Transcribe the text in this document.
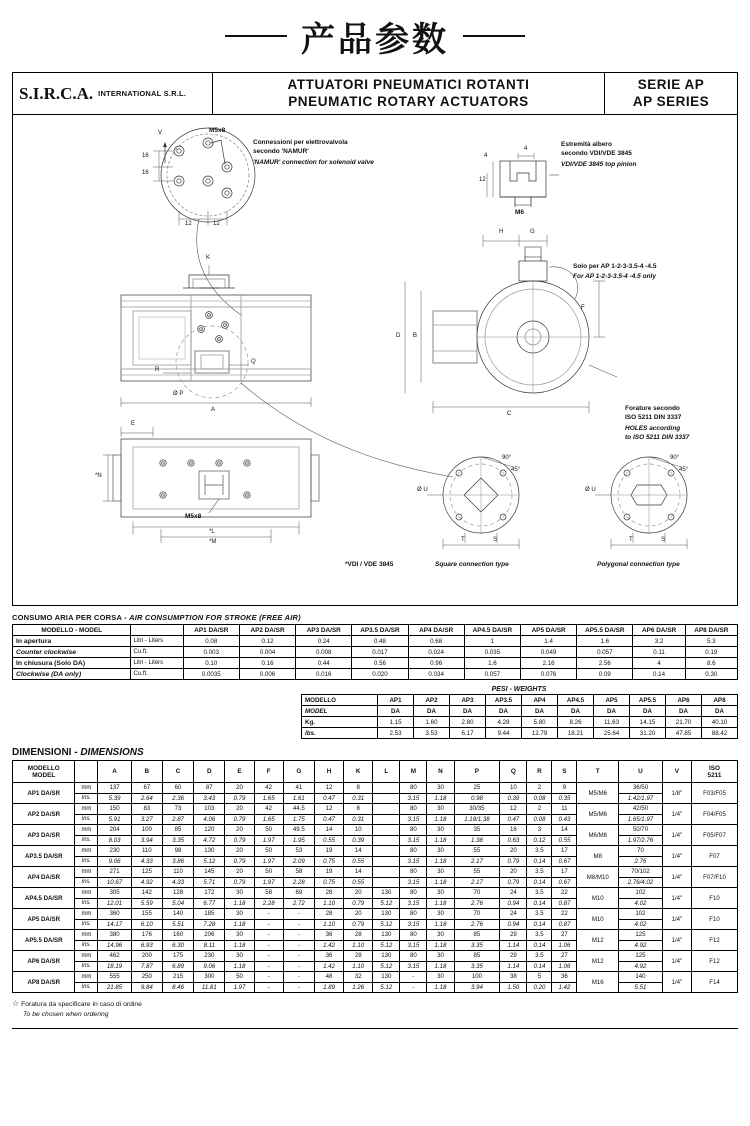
产品参数
S.I.R.C.A. INTERNATIONAL S.R.L.
ATTUATORI PNEUMATICI ROTANTI
PNEUMATIC ROTARY ACTUATORS
SERIE AP
AP SERIES
M5x8
Connessioni per elettrovalvola
secondo 'NAMUR'
'NAMUR' connection for solenoid valve
V
16
16
12	12
4
4
12
M6
Estremità albero
secondo VDI/VDE 3845
VDI/VDE 3845 top pinion
K
H	G
F
D B
C
R
Q
A
Ø P
*N
*L
*M
E
M5x8
Solo per AP 1-2-3-3.5-4 -4.5
For AP 1-2-3-3.5-4 -4.5 only
Forature secondo
ISO 5211 DIN 3337
HOLES according
to ISO 5211 DIN 3337
90°
45°
90°
45°
Ø U	Ø U
T	T
S	S
*VDI / VDE 3845	Square connection type	Polygonal connection type
CONSUMO ARIA PER CORSA - AIR CONSUMPTION FOR STROKE (FREE AIR)
MODELLO - MODEL		AP1 DA/SR	AP2 DA/SR	AP3 DA/SR	AP3.5 DA/SR	AP4 DA/SR	AP4.5 DA/SR	AP5 DA/SR	AP5.5 DA/SR	AP6 DA/SR	AP8 DA/SR
In apertura	Litri - Liters	0.08	0.12	0.24	0.48	0.68	1	1.4	1.6	3.2	5.3
Counter clockwise	Cu.ft.	0.003	0.004	0.008	0.017	0.024	0.035	0.049	0.057	0.11	0.19
In chiusura (Solo DA)	Litri - Liters	0.10	0.16	0.44	0.56	0.96	1.6	2.16	2.56	4	8.6
Clockwise (DA only)	Cu.ft.	0.0035	0.006	0.016	0.020	0.034	0.057	0.076	0.09	0.14	0.30
PESI - WEIGHTS
MODELLO	AP1	AP2	AP3	AP3.5	AP4	AP4.5	AP5	AP5.5	AP6	AP8
MODEL	DA	DA	DA	DA	DA	DA	DA	DA	DA	DA
Kg.	1.15	1.60	2.80	4.28	5.80	8.26	11.63	14.15	21.70	40.10
lbs.	2.53	3.53	6.17	9.44	12.79	18.21	25.64	31.20	47.85	88.42
DIMENSIONI - DIMENSIONS
MODELLO
MODEL		A	B	C	D	E	F	G	H	K	L	M	N	P	Q	R	S	T	U	V	ISO
5211

AP1 DA/SR	mm	137	67	60	87	20	42	41	12	8		80	30	25	10	2	9	M5/M6	36/50	1/8"	F03/F05
	ins.	5.39	2.64	2.36	3.43	0.79	1.65	1.61	0.47	0.31		3.15	1.18	0.98	0.39	0.08	0.35		1.42/1.97		
AP2 DA/SR	mm	150	83	73	103	20	42	44.5	12	8		80	30	30/35	12	2	11	M5/M6	42/50	1/4"	F04/F05
	ins.	5.91	3.27	2.87	4.06	0.79	1.65	1.75	0.47	0.31		3.15	1.18	1.18/1.38	0.47	0.08	0.43		1.65/1.97		
AP3 DA/SR	mm	204	100	85	120	20	50	49.5	14	10		80	30	35	16	3	14	M6/M8	50/70	1/4"	F05/F07
	ins.	8.03	3.94	3.35	4.72	0.79	1.97	1.95	0.55	0.39		3.15	1.18	1.38	0.63	0.12	0.55		1.97/2.76		
AP3.5 DA/SR	mm	230	110	98	130	20	50	53	19	14		80	30	55	20	3.5	17	M8	70	1/4"	F07
	ins.	9.06	4.33	3.86	5.12	0.79	1.97	2.09	0.75	0.55		3.15	1.18	2.17	0.79	0.14	0.67		2.76		
AP4 DA/SR	mm	271	125	110	145	20	50	58	19	14		80	30	55	20	3.5	17	M8/M10	70/102	1/4"	F07/F10
	ins.	10.67	4.92	4.33	5.71	0.79	1.97	2.28	0.75	0.55		3.15	1.18	2.17	0.79	0.14	0.67		2.76/4.02		
AP4.5 DA/SR	mm	305	142	128	172	30	58	69	28	20	130	80	30	70	24	3.5	22	M10	102	1/4"	F10
	ins.	12.01	5.59	5.04	6.77	1.18	2.28	2.72	1.10	0.79	5.12	3.15	1.18	2.76	0.94	0.14	0.87		4.02		
AP5 DA/SR	mm	360	155	140	185	30	-	-	28	20	130	80	30	70	24	3.5	22	M10	102	1/4"	F10
	ins.	14.17	6.10	5.51	7.28	1.18	-	-	1.10	0.79	5.12	3.15	1.18	2.76	0.94	0.14	0.87		4.02		
AP5.5 DA/SR	mm	380	176	160	206	30	-	-	36	28	130	80	30	85	29	3.5	27	M12	125	1/4"	F12
	ins.	14.96	6.93	6.30	8.11	1.18	-	-	1.42	1.10	5.12	3.15	1.18	3.35	1.14	0.14	1.06		4.92		
AP6 DA/SR	mm	462	200	175	230	30	-	-	36	28	130	80	30	85	29	3.5	27	M12	125	1/4"	F12
	ins.	18.19	7.87	6.89	9.06	1.18	-	-	1.42	1.10	5.12	3.15	1.18	3.35	1.14	0.14	1.06		4.92		
AP8 DA/SR	mm	555	250	215	300	50	-	-	48	32	130	-	30	100	38	5	36	M16	140	1/4"	F14
	ins.	21.85	9.84	8.46	11.81	1.97	-	-	1.89	1.26	5.12	-	1.18	3.94	1.50	0.20	1.42		5.51		
☆ Foratura da specificare in caso di ordine
To be chosen when ordering
